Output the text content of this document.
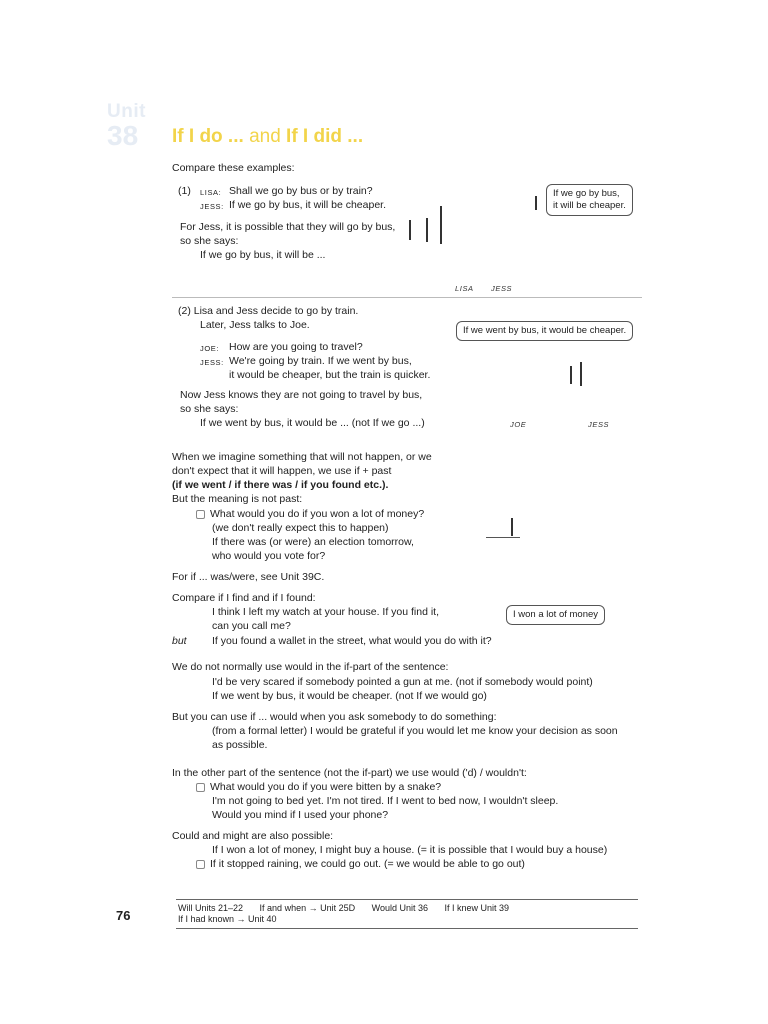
Unit
38 If I do ... and If I did ...
Compare these examples:
(1) LISA: Shall we go by bus or by train?
JESS: If we go by bus, it will be cheaper.
For Jess, it is possible that they will go by bus,
so she says:
If we go by bus, it will be ...
If we go by bus,
it will be cheaper.
LISA JESS
(2) Lisa and Jess decide to go by train.
Later, Jess talks to Joe.
JOE: How are you going to travel?
JESS: We're going by train. If we went by bus,
it would be cheaper, but the train is quicker.
Now Jess knows they are not going to travel by bus,
so she says:
If we went by bus, it would be ... (not If we go ...)
If we went by bus, it would be cheaper.
JOE	JESS
When we imagine something that will not happen, or we
don't expect that it will happen, we use if + past
(if we went / if there was / if you found etc.).
But the meaning is not past:
What would you do if you won a lot of money?
(we don't really expect this to happen)
If there was (or were) an election tomorrow,
who would you vote for?
For if ... was/were, see Unit 39C.
Compare if I find and if I found:
I think I left my watch at your house. If you find it,
can you call me?
but If you found a wallet in the street, what would you do with it?
I won a lot of money
We do not normally use would in the if-part of the sentence:
I'd be very scared if somebody pointed a gun at me. (not if somebody would point)
If we went by bus, it would be cheaper. (not If we would go)
But you can use if ... would when you ask somebody to do something:
(from a formal letter) I would be grateful if you would let me know your decision as soon
as possible.
In the other part of the sentence (not the if-part) we use would ('d) / wouldn't:
What would you do if you were bitten by a snake?
I'm not going to bed yet. I'm not tired. If I went to bed now, I wouldn't sleep.
Would you mind if I used your phone?
Could and might are also possible:
If I won a lot of money, I might buy a house. (= it is possible that I would buy a house)
If it stopped raining, we could go out. (= we would be able to go out)
76	Will Units 21–22 If and when → Unit 25D Would Unit 36 If I knew Unit 39
If I had known → Unit 40
